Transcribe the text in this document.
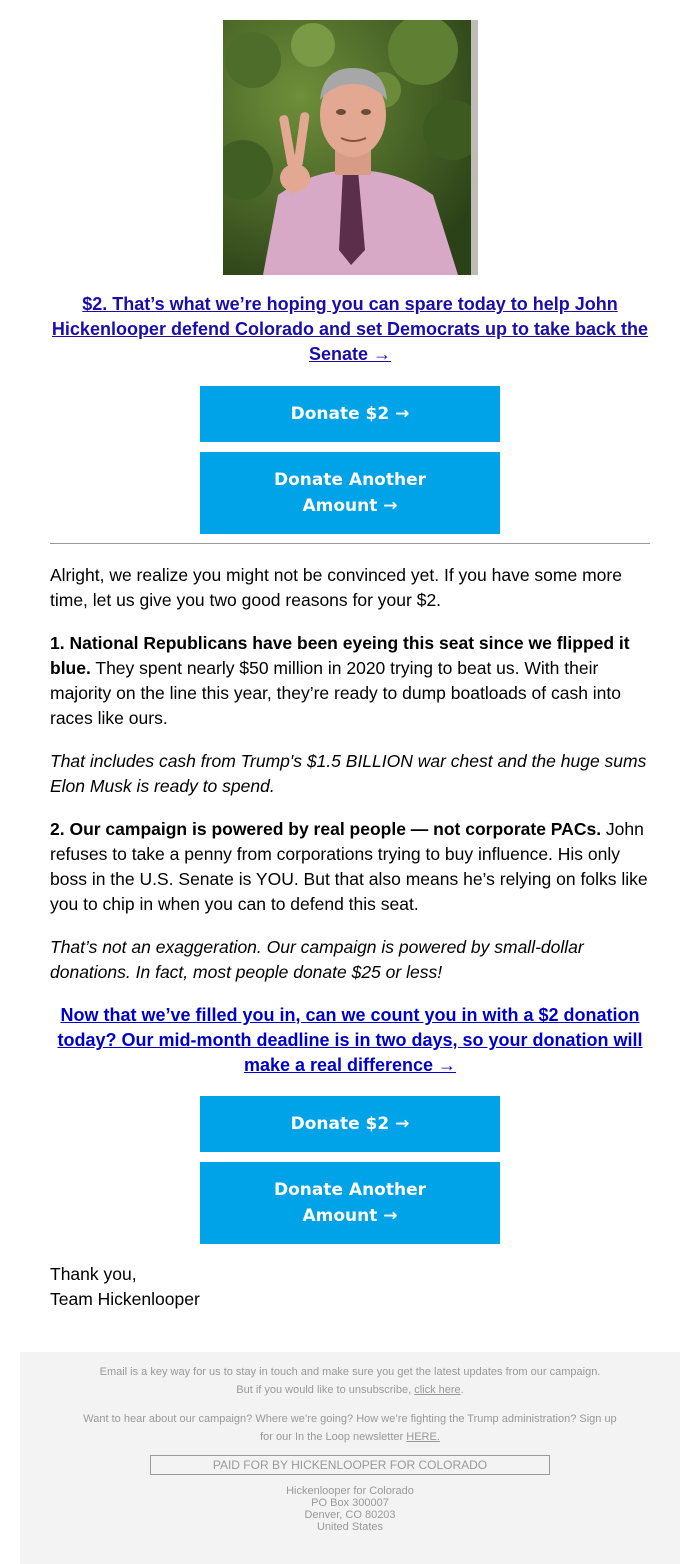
$2. That’s what we’re hoping you can spare today to help John Hickenlooper defend Colorado and set Democrats up to take back the Senate →
Donate $2 →
Donate Another Amount →
Alright, we realize you might not be convinced yet. If you have some more time, let us give you two good reasons for your $2.
1. National Republicans have been eyeing this seat since we flipped it blue. They spent nearly $50 million in 2020 trying to beat us. With their majority on the line this year, they’re ready to dump boatloads of cash into races like ours.
That includes cash from Trump's $1.5 BILLION war chest and the huge sums Elon Musk is ready to spend.
2. Our campaign is powered by real people — not corporate PACs. John refuses to take a penny from corporations trying to buy influence. His only boss in the U.S. Senate is YOU. But that also means he’s relying on folks like you to chip in when you can to defend this seat.
That’s not an exaggeration. Our campaign is powered by small-dollar donations. In fact, most people donate $25 or less!
Now that we’ve filled you in, can we count you in with a $2 donation today? Our mid-month deadline is in two days, so your donation will make a real difference →
Donate $2 →
Donate Another Amount →
Thank you,
Team Hickenlooper
Email is a key way for us to stay in touch and make sure you get the latest updates from our campaign.
But if you would like to unsubscribe, click here.
Want to hear about our campaign? Where we’re going? How we’re fighting the Trump administration? Sign up for our In the Loop newsletter HERE.
PAID FOR BY HICKENLOOPER FOR COLORADO
Hickenlooper for Colorado
PO Box 300007
Denver, CO 80203
United States
